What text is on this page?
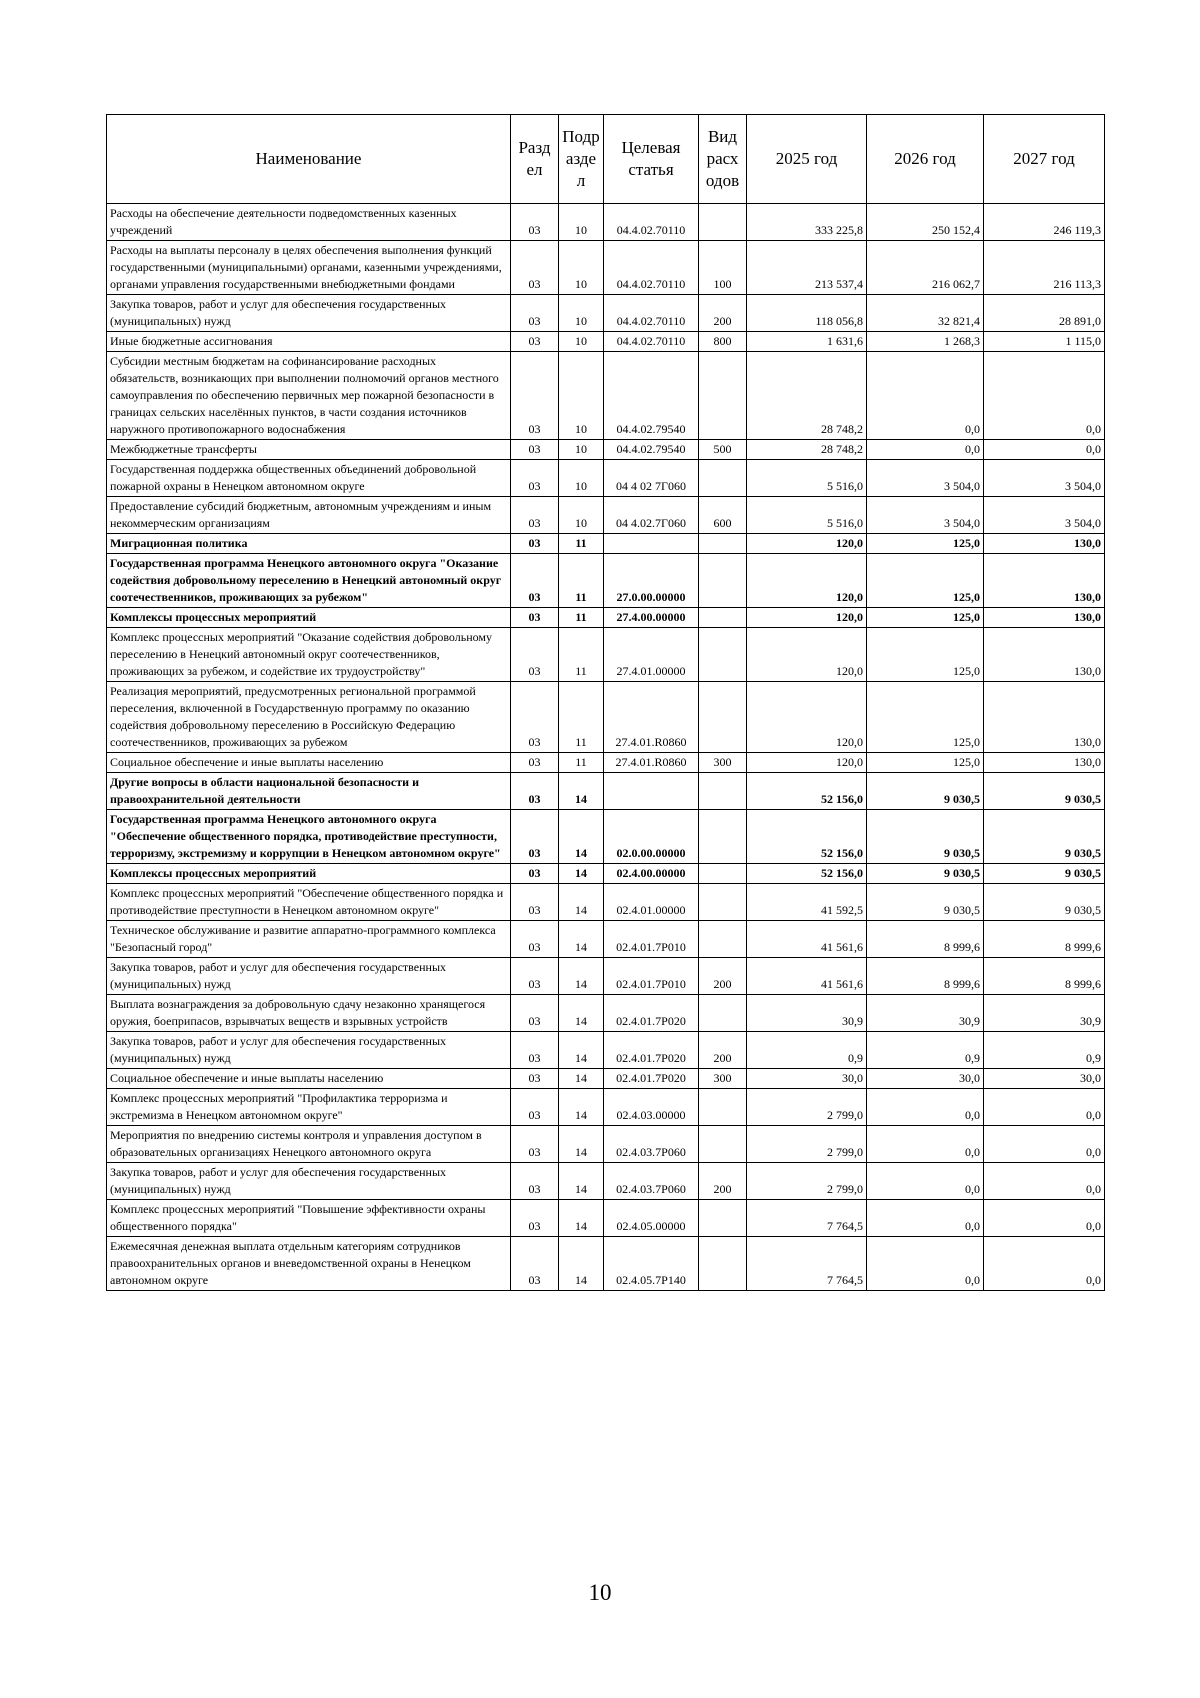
Наименование	Разд ел	Подр азде л	Целевая статья	Вид расх одов	2025 год	2026 год	2027 год
Расходы на обеспечение деятельности подведомственных казенных учреждений	03	10	04.4.02.70110		333 225,8	250 152,4	246 119,3
Расходы на выплаты персоналу в целях обеспечения выполнения функций государственными (муниципальными) органами, казенными учреждениями, органами управления государственными внебюджетными фондами	03	10	04.4.02.70110	100	213 537,4	216 062,7	216 113,3
Закупка товаров, работ и услуг для обеспечения государственных (муниципальных) нужд	03	10	04.4.02.70110	200	118 056,8	32 821,4	28 891,0
Иные бюджетные ассигнования	03	10	04.4.02.70110	800	1 631,6	1 268,3	1 115,0
Субсидии местным бюджетам на софинансирование расходных обязательств, возникающих при выполнении полномочий органов местного самоуправления по обеспечению первичных мер пожарной безопасности в границах сельских населённых пунктов, в части создания источников наружного противопожарного водоснабжения	03	10	04.4.02.79540		28 748,2	0,0	0,0
Межбюджетные трансферты	03	10	04.4.02.79540	500	28 748,2	0,0	0,0
Государственная поддержка общественных объединений добровольной пожарной охраны в Ненецком автономном округе	03	10	04 4 02 7Г060		5 516,0	3 504,0	3 504,0
Предоставление субсидий бюджетным, автономным учреждениям и иным некоммерческим организациям	03	10	04 4.02.7Г060	600	5 516,0	3 504,0	3 504,0
Миграционная политика	03	11			120,0	125,0	130,0
Государственная программа Ненецкого автономного округа "Оказание содействия добровольному переселению в Ненецкий автономный округ соотечественников, проживающих за рубежом"	03	11	27.0.00.00000		120,0	125,0	130,0
Комплексы процессных мероприятий	03	11	27.4.00.00000		120,0	125,0	130,0
Комплекс процессных мероприятий "Оказание содействия добровольному переселению в Ненецкий автономный округ соотечественников, проживающих за рубежом, и содействие их трудоустройству"	03	11	27.4.01.00000		120,0	125,0	130,0
Реализация мероприятий, предусмотренных региональной программой переселения, включенной в Государственную программу по оказанию содействия добровольному переселению в Российскую Федерацию соотечественников, проживающих за рубежом	03	11	27.4.01.R0860		120,0	125,0	130,0
Социальное обеспечение и иные выплаты населению	03	11	27.4.01.R0860	300	120,0	125,0	130,0
Другие вопросы в области национальной безопасности и правоохранительной деятельности	03	14			52 156,0	9 030,5	9 030,5
Государственная программа Ненецкого автономного округа "Обеспечение общественного порядка, противодействие преступности, терроризму, экстремизму и коррупции в Ненецком автономном округе"	03	14	02.0.00.00000		52 156,0	9 030,5	9 030,5
Комплексы процессных мероприятий	03	14	02.4.00.00000		52 156,0	9 030,5	9 030,5
Комплекс процессных мероприятий "Обеспечение общественного порядка и противодействие преступности в Ненецком автономном округе"	03	14	02.4.01.00000		41 592,5	9 030,5	9 030,5
Техническое обслуживание и развитие аппаратно-программного комплекса "Безопасный город"	03	14	02.4.01.7Р010		41 561,6	8 999,6	8 999,6
Закупка товаров, работ и услуг для обеспечения государственных (муниципальных) нужд	03	14	02.4.01.7Р010	200	41 561,6	8 999,6	8 999,6
Выплата вознаграждения за добровольную сдачу незаконно хранящегося оружия, боеприпасов, взрывчатых веществ и взрывных устройств	03	14	02.4.01.7Р020		30,9	30,9	30,9
Закупка товаров, работ и услуг для обеспечения государственных (муниципальных) нужд	03	14	02.4.01.7Р020	200	0,9	0,9	0,9
Социальное обеспечение и иные выплаты населению	03	14	02.4.01.7Р020	300	30,0	30,0	30,0
Комплекс процессных мероприятий "Профилактика терроризма и экстремизма в Ненецком автономном округе"	03	14	02.4.03.00000		2 799,0	0,0	0,0
Мероприятия по внедрению системы контроля и управления доступом в образовательных организациях Ненецкого автономного округа	03	14	02.4.03.7Р060		2 799,0	0,0	0,0
Закупка товаров, работ и услуг для обеспечения государственных (муниципальных) нужд	03	14	02.4.03.7Р060	200	2 799,0	0,0	0,0
Комплекс процессных мероприятий "Повышение эффективности охраны общественного порядка"	03	14	02.4.05.00000		7 764,5	0,0	0,0
Ежемесячная денежная выплата отдельным категориям сотрудников правоохранительных органов и вневедомственной охраны в Ненецком автономном округе	03	14	02.4.05.7Р140		7 764,5	0,0	0,0
10
